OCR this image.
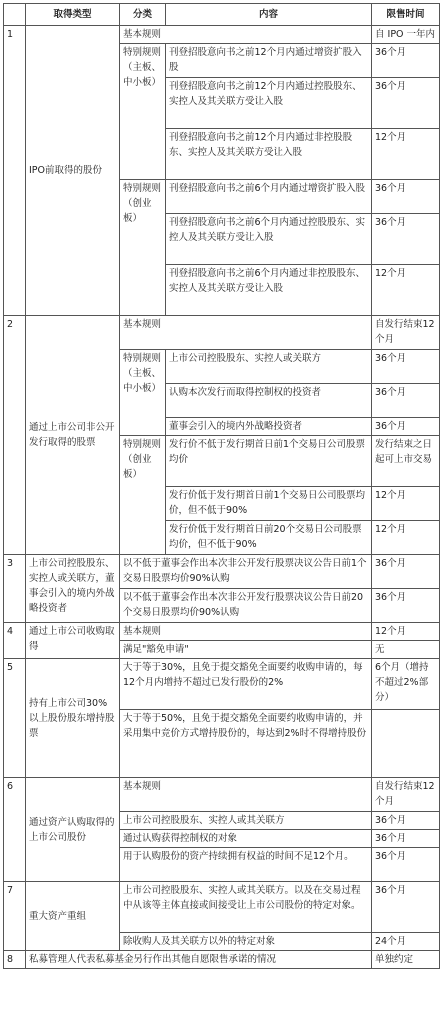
	取得类型	分类	内容	限售时间
1	IPO前取得的股份	基本规则		自 IPO 一年内
		特别规则（主板、中小板）	刊登招股意向书之前12个月内通过增资扩股入股	36个月
			刊登招股意向书之前12个月内通过控股股东、实控人及其关联方受让入股	36个月
			刊登招股意向书之前12个月内通过非控股股东、实控人及其关联方受让入股	12个月
		特别规则（创业板）	刊登招股意向书之前6个月内通过增资扩股入股	36个月
			刊登招股意向书之前6个月内通过控股股东、实控人及其关联方受让入股	36个月
			刊登招股意向书之前6个月内通过非控股股东、实控人及其关联方受让入股	12个月
2	通过上市公司非公开发行取得的股票	基本规则		自发行结束12个月
		特别规则（主板、中小板）	上市公司控股股东、实控人或关联方	36个月
			认购本次发行而取得控制权的投资者	36个月
			董事会引入的境内外战略投资者	36个月
		特别规则（创业板）	发行价不低于发行期首日前1个交易日公司股票均价	发行结束之日起可上市交易
			发行价低于发行期首日前1个交易日公司股票均价，但不低于90%	12个月
			发行价低于发行期首日前20个交易日公司股票均价，但不低于90%	12个月
3	上市公司控股股东、实控人或关联方，董事会引入的境内外战略投资者	以不低于董事会作出本次非公开发行股票决议公告日前1个交易日股票均价90%认购		36个月
		以不低于董事会作出本次非公开发行股票决议公告日前20个交易日股票均价90%认购		36个月
4	通过上市公司收购取得	基本规则		12个月
		满足"豁免申请"		无
5	持有上市公司30%以上股份股东增持股票	大于等于30%，且免于提交豁免全面要约收购申请的，每12个月内增持不超过已发行股份的2%		6个月（增持不超过2%部分）
		大于等于50%，且免于提交豁免全面要约收购申请的，并采用集中竞价方式增持股份的，每达到2%时不得增持股份		
6	通过资产认购取得的上市公司股份	基本规则		自发行结束12个月
		上市公司控股股东、实控人或其关联方		36个月
		通过认购获得控制权的对象		36个月
		用于认购股份的资产持续拥有权益的时间不足12个月。		36个月
7	重大资产重组	上市公司控股股东、实控人或其关联方。以及在交易过程中从该等主体直接或间接受让上市公司股份的特定对象。		36个月
		除收购人及其关联方以外的特定对象		24个月
8	私募管理人代表私募基金另行作出其他自愿限售承诺的情况			单独约定
